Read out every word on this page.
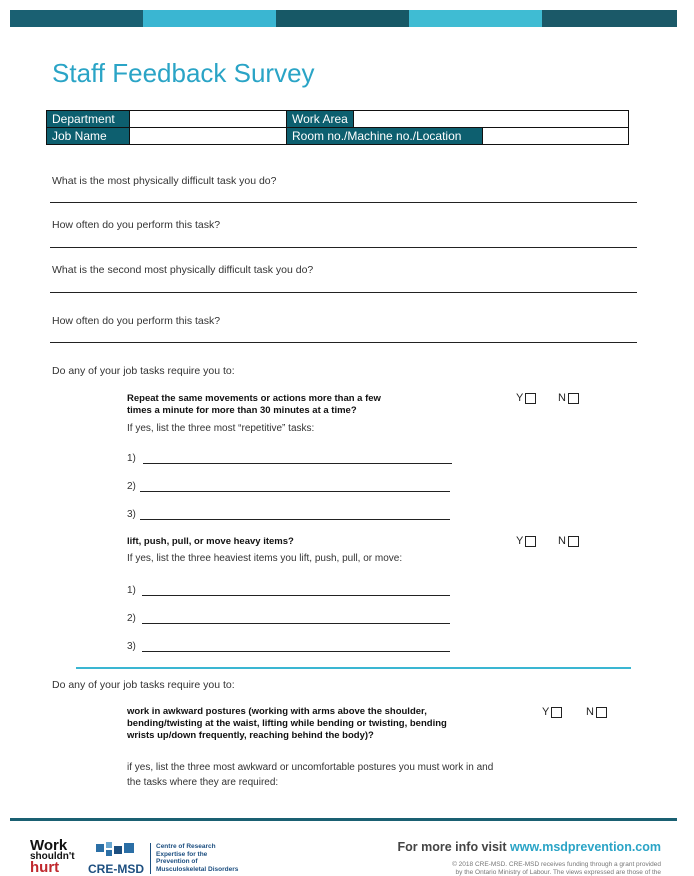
Staff Feedback Survey
Department		Work Area		
Job Name		Room no./Machine no./Location		
What is the most physically difficult task you do?
How often do you perform this task?
What is the second most physically difficult task you do?
How often do you perform this task?
Do any of your job tasks require you to:
Repeat the same movements or actions more than a few
times a minute for more than 30 minutes at a time?
Y	N
If yes, list the three most “repetitive” tasks:
1)
2)
3)
lift, push, pull, or move heavy items?	Y	N
If yes, list the three heaviest items you lift, push, pull, or move:
1)
2)
3)
Do any of your job tasks require you to:
work in awkward postures (working with arms above the shoulder,
bending/twisting at the waist, lifting while bending or twisting, bending
wrists up/down frequently, reaching behind the body)?
Y	N
if yes, list the three most awkward or uncomfortable postures you must work in and
the tasks where they are required:
Work
shouldn't
hurt	CRE-MSD
Centre of Research
Expertise for the
Prevention of
Musculoskeletal Disorders
For more info visit www.msdprevention.com
© 2018 CRE-MSD. CRE-MSD receives funding through a grant provided
by the Ontario Ministry of Labour. The views expressed are those of the
